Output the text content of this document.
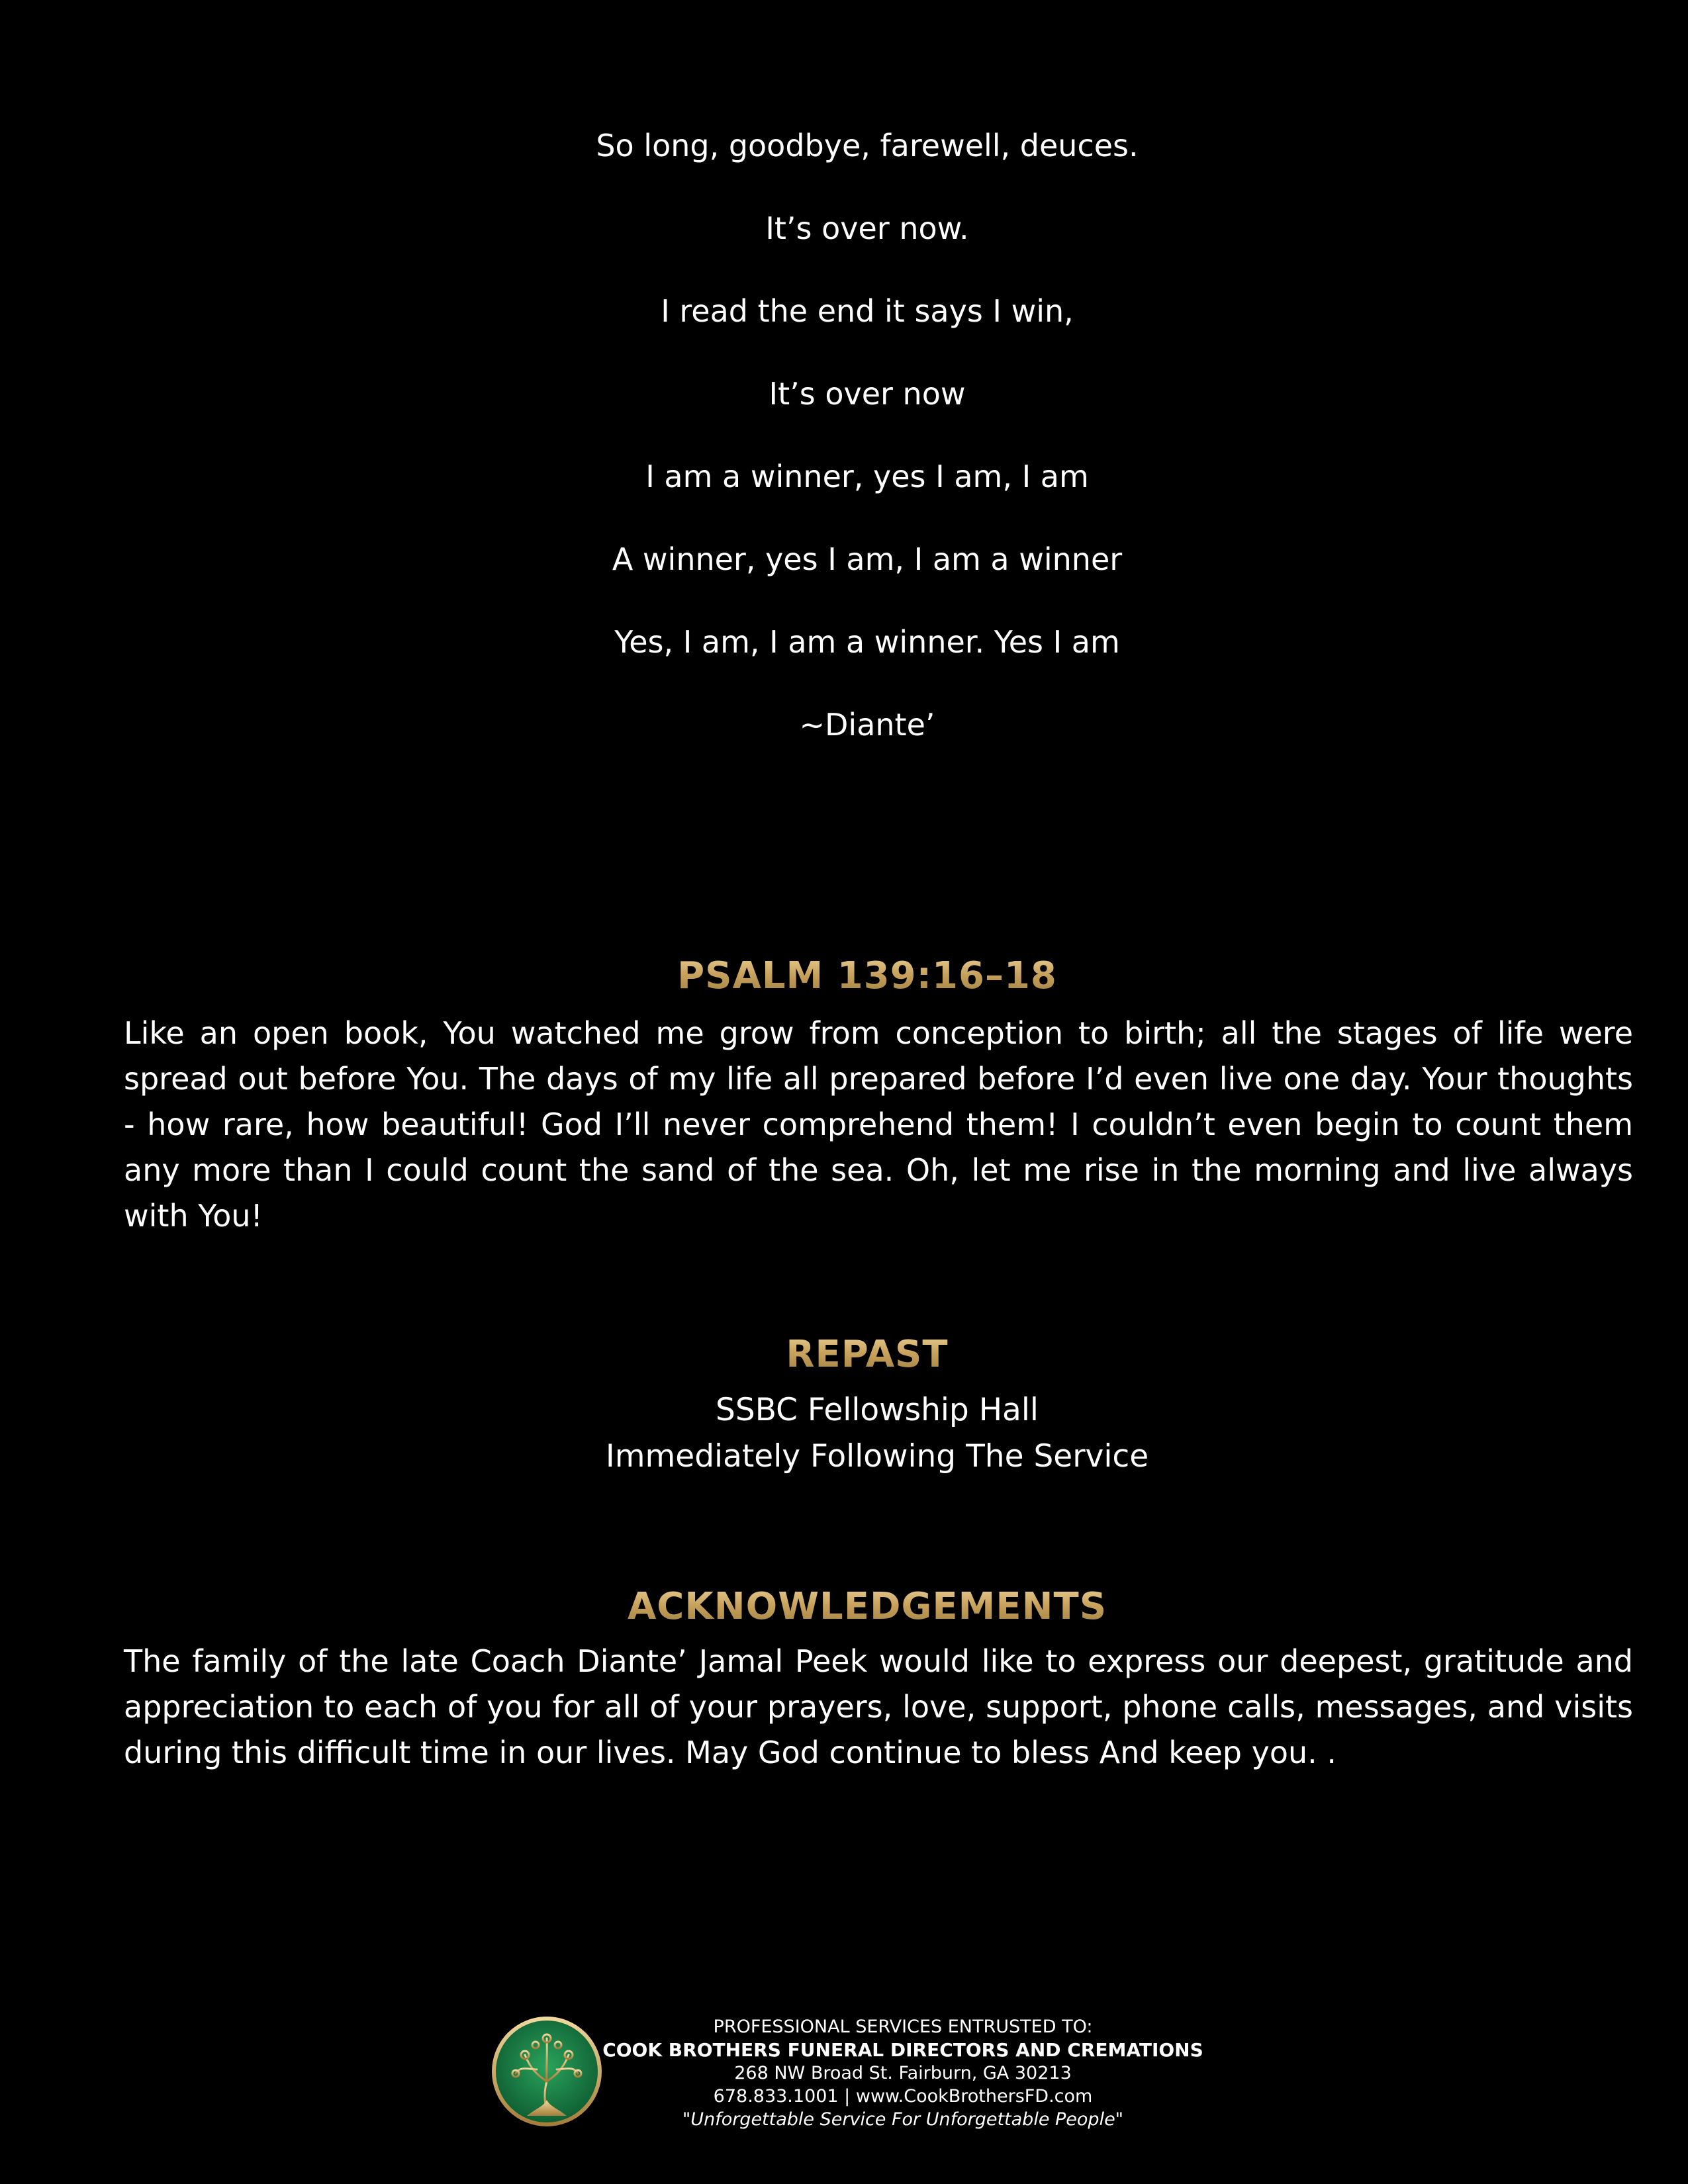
So long, goodbye, farewell, deuces.
It’s over now.
I read the end it says I win,
It’s over now
I am a winner, yes I am, I am
A winner, yes I am, I am a winner
Yes, I am, I am a winner. Yes I am
~Diante’
PSALM 139:16–18
Like an open book, You watched me grow from conception to birth; all the stages of life were spread out before You. The days of my life all prepared before I’d even live one day. Your thoughts - how rare, how beautiful! God I’ll never comprehend them! I couldn’t even begin to count them any more than I could count the sand of the sea. Oh, let me rise in the morning and live always with You!
REPAST
SSBC Fellowship Hall
Immediately Following The Service
ACKNOWLEDGEMENTS
The family of the late Coach Diante’ Jamal Peek would like to express our deepest, gratitude and appreciation to each of you for all of your prayers, love, support, phone calls, messages, and visits during this difficult time in our lives. May God continue to bless And keep you. .
PROFESSIONAL SERVICES ENTRUSTED TO:
COOK BROTHERS FUNERAL DIRECTORS AND CREMATIONS
268 NW Broad St. Fairburn, GA 30213
678.833.1001 | www.CookBrothersFD.com
"Unforgettable Service For Unforgettable People"
